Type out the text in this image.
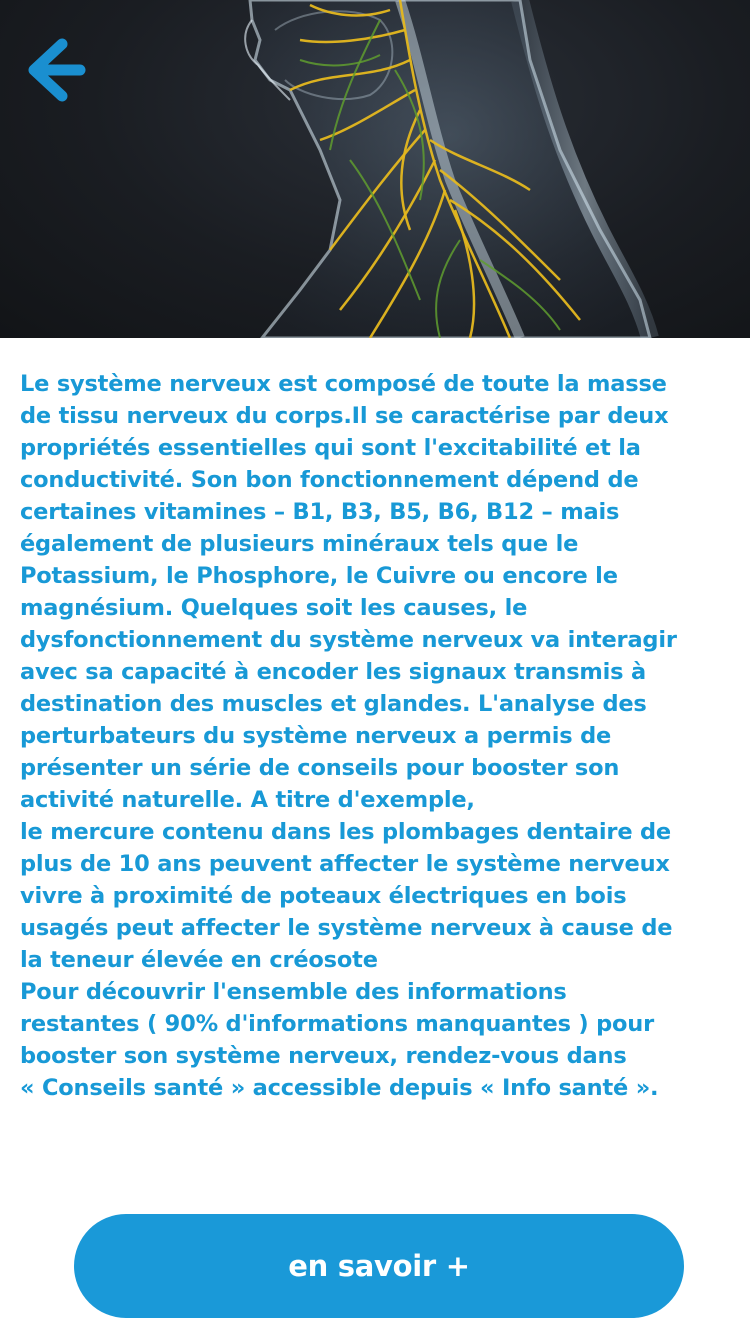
Le système nerveux est composé de toute la masse
de tissu nerveux du corps.Il se caractérise par deux
propriétés essentielles qui sont l'excitabilité et la
conductivité. Son bon fonctionnement dépend de
certaines vitamines – B1, B3, B5, B6, B12 – mais
également de plusieurs minéraux tels que le
Potassium, le Phosphore, le Cuivre ou encore le
magnésium. Quelques soit les causes, le
dysfonctionnement du système nerveux va interagir
avec sa capacité à encoder les signaux transmis à
destination des muscles et glandes. L'analyse des
perturbateurs du système nerveux a permis de
présenter un série de conseils pour booster son
activité naturelle. A titre d'exemple,
le mercure contenu dans les plombages dentaire de
plus de 10 ans peuvent affecter le système nerveux
vivre à proximité de poteaux électriques en bois
usagés peut affecter le système nerveux à cause de
la teneur élevée en créosote
Pour découvrir l'ensemble des informations
restantes ( 90% d'informations manquantes ) pour
booster son système nerveux, rendez-vous dans
« Conseils santé » accessible depuis « Info santé ».

en savoir +
